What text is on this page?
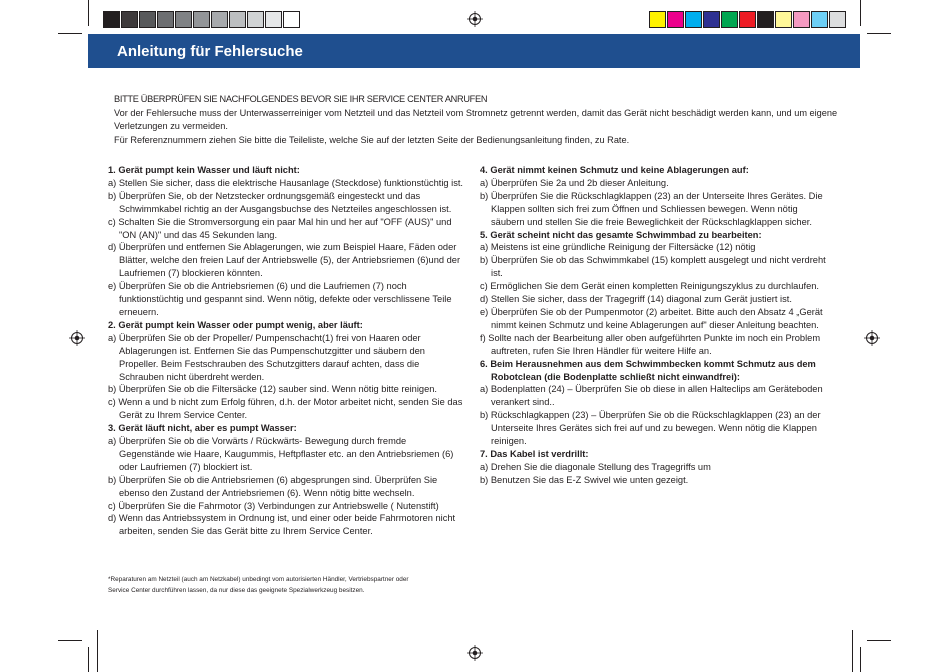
Anleitung für Fehlersuche
BITTE ÜBERPRÜFEN SIE NACHFOLGENDES BEVOR SIE IHR SERVICE CENTER ANRUFEN
Vor der Fehlersuche muss der Unterwasserreiniger vom Netzteil und das Netzteil vom Stromnetz getrennt werden, damit das Gerät nicht beschädigt werden kann, und um eigene
Verletzungen zu vermeiden.
Für Referenznummern ziehen Sie bitte die Teileliste, welche Sie auf der letzten Seite der Bedienungsanleitung finden, zu Rate.
1. Gerät pumpt kein Wasser und läuft nicht:
a) Stellen Sie sicher, dass die elektrische Hausanlage (Steckdose) funktionstüchtig ist.
b) Überprüfen Sie, ob der Netzstecker ordnungsgemäß eingesteckt und das
Schwimmkabel richtig an der Ausgangsbuchse des Netzteiles angeschlossen ist.
c) Schalten Sie die Stromversorgung ein paar Mal hin und her auf "OFF (AUS)" und
"ON (AN)" und das 45 Sekunden lang.
d) Überprüfen und entfernen Sie Ablagerungen, wie zum Beispiel Haare, Fäden oder
Blätter, welche den freien Lauf der Antriebswelle (5), der Antriebsriemen (6)und der
Laufriemen (7) blockieren könnten.
e) Überprüfen Sie ob die Antriebsriemen (6) und die Laufriemen (7) noch
funktionstüchtig und gespannt sind. Wenn nötig, defekte oder verschlissene Teile
erneuern.
2. Gerät pumpt kein Wasser oder pumpt wenig, aber läuft:
a) Überprüfen Sie ob der Propeller/ Pumpenschacht(1) frei von Haaren oder
Ablagerungen ist. Entfernen Sie das Pumpenschutzgitter und säubern den
Propeller. Beim Festschrauben des Schutzgitters darauf achten, dass die
Schrauben nicht überdreht werden.
b) Überprüfen Sie ob die Filtersäcke (12) sauber sind. Wenn nötig bitte reinigen.
c) Wenn a und b nicht zum Erfolg führen, d.h. der Motor arbeitet nicht, senden Sie das
Gerät zu Ihrem Service Center.
3. Gerät läuft nicht, aber es pumpt Wasser:
a) Überprüfen Sie ob die Vorwärts / Rückwärts- Bewegung durch fremde
Gegenstände wie Haare, Kaugummis, Heftpflaster etc. an den Antriebsriemen (6)
oder Laufriemen (7) blockiert ist.
b) Überprüfen Sie ob die Antriebsriemen (6) abgesprungen sind. Überprüfen Sie
ebenso den Zustand der Antriebsriemen (6). Wenn nötig bitte wechseln.
c) Überprüfen Sie die Fahrmotor (3) Verbindungen zur Antriebswelle ( Nutenstift)
d) Wenn das Antriebssystem in Ordnung ist, und einer oder beide Fahrmotoren nicht
arbeiten, senden Sie das Gerät bitte zu Ihrem Service Center.
4. Gerät nimmt keinen Schmutz und keine Ablagerungen auf:
a) Überprüfen Sie 2a und 2b dieser Anleitung.
b) Überprüfen Sie die Rückschlagklappen (23) an der Unterseite Ihres Gerätes. Die
Klappen sollten sich frei zum Öffnen und Schliessen bewegen. Wenn nötig
säubern und stellen Sie die freie Beweglichkeit der Rückschlagklappen sicher.
5. Gerät scheint nicht das gesamte Schwimmbad zu bearbeiten:
a) Meistens ist eine gründliche Reinigung der Filtersäcke (12) nötig
b) Überprüfen Sie ob das Schwimmkabel (15) komplett ausgelegt und nicht verdreht
ist.
c) Ermöglichen Sie dem Gerät einen kompletten Reinigungszyklus zu durchlaufen.
d) Stellen Sie sicher, dass der Tragegriff (14) diagonal zum Gerät justiert ist.
e) Überprüfen Sie ob der Pumpenmotor (2) arbeitet. Bitte auch den Absatz 4 „Gerät
nimmt keinen Schmutz und keine Ablagerungen auf" dieser Anleitung beachten.
f) Sollte nach der Bearbeitung aller oben aufgeführten Punkte im noch ein Problem
auftreten, rufen Sie Ihren Händler für weitere Hilfe an.
6. Beim Herausnehmen aus dem Schwimmbecken kommt Schmutz aus dem
Robotclean (die Bodenplatte schließt nicht einwandfrei):
a) Bodenplatten (24) – Überprüfen Sie ob diese in allen Halteclips am Geräteboden
verankert sind..
b) Rückschlagkappen (23) – Überprüfen Sie ob die Rückschlagklappen (23) an der
Unterseite Ihres Gerätes sich frei auf und zu bewegen. Wenn nötig die Klappen
reinigen.
7. Das Kabel ist verdrillt:
a) Drehen Sie die diagonale Stellung des Tragegriffs um
b) Benutzen Sie das E-Z Swivel wie unten gezeigt.
*Reparaturen am Netzteil (auch am Netzkabel) unbedingt vom autorisierten Händler, Vertriebspartner oder
Service Center durchführen lassen, da nur diese das geeignete Spezialwerkzeug besitzen.
